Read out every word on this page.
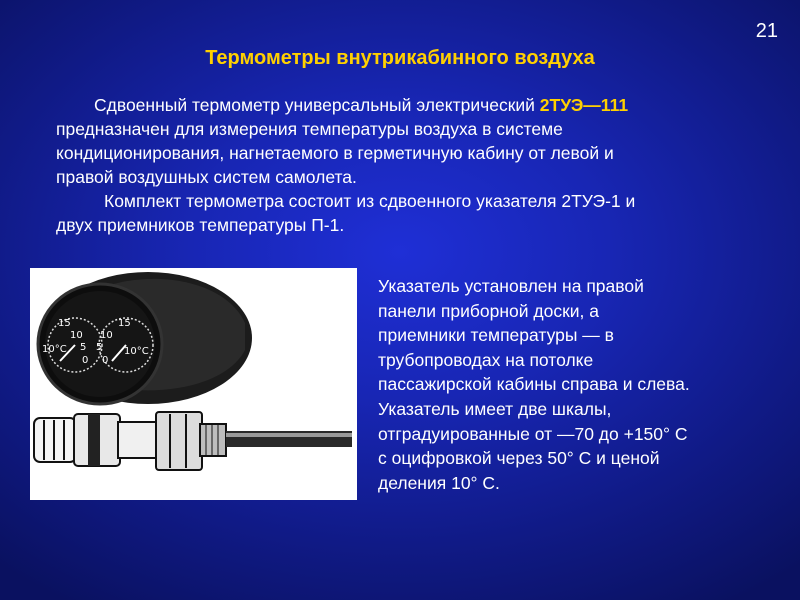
21
Термометры внутрикабинного воздуха

Сдвоенный термометр универсальный электрический 2ТУЭ—111

предназначен для измерения температуры воздуха в системе

кондиционирования, нагнетаемого в герметичную кабину от левой и

правой воздушных систем самолета.

Комплект термометра состоит из сдвоенного указателя 2ТУЭ-1 и

двух приемников температуры П-1.

15
10
5
0
10°C
15
10
5
0
10°C
Указатель установлен на правой
панели приборной доски, а
приемники температуры — в
трубопроводах на потолке
пассажирской кабины справа и слева.
Указатель имеет две шкалы,
отградуированные от —70 до +150° С
с оцифровкой через 50° С и ценой
деления 10° С.
